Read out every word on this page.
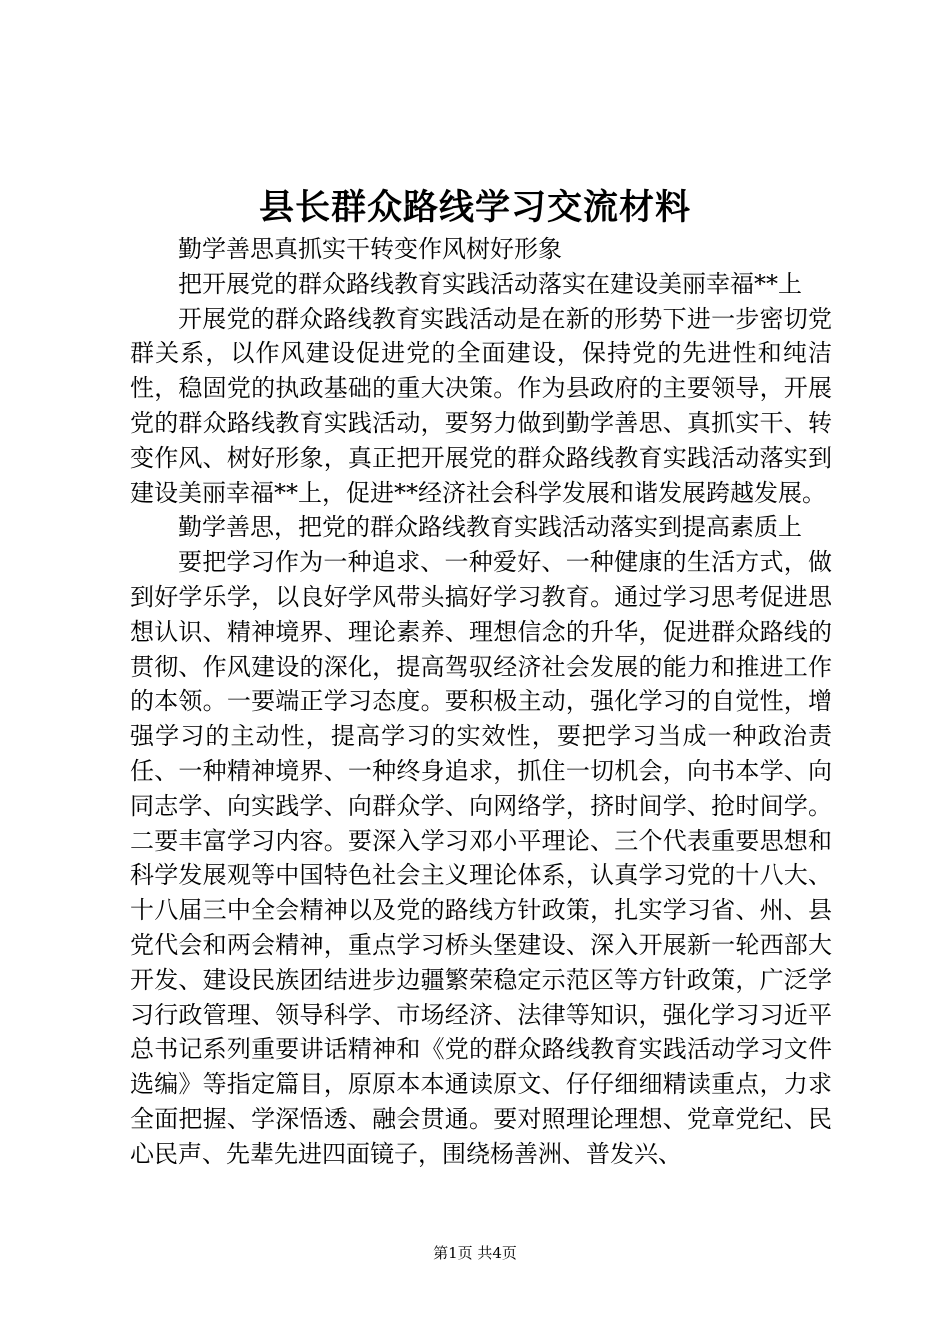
县长群众路线学习交流材料

勤学善思真抓实干转变作风树好形象

把开展党的群众路线教育实践活动落实在建设美丽幸福**上

开展党的群众路线教育实践活动是在新的形势下进一步密切党群关系，以作风建设促进党的全面建设，保持党的先进性和纯洁性，稳固党的执政基础的重大决策。作为县政府的主要领导，开展党的群众路线教育实践活动，要努力做到勤学善思、真抓实干、转变作风、树好形象，真正把开展党的群众路线教育实践活动落实到建设美丽幸福**上，促进**经济社会科学发展和谐发展跨越发展。

勤学善思，把党的群众路线教育实践活动落实到提高素质上

要把学习作为一种追求、一种爱好、一种健康的生活方式，做到好学乐学，以良好学风带头搞好学习教育。通过学习思考促进思想认识、精神境界、理论素养、理想信念的升华，促进群众路线的贯彻、作风建设的深化，提高驾驭经济社会发展的能力和推进工作的本领。一要端正学习态度。要积极主动，强化学习的自觉性，增强学习的主动性，提高学习的实效性，要把学习当成一种政治责任、一种精神境界、一种终身追求，抓住一切机会，向书本学、向同志学、向实践学、向群众学、向网络学，挤时间学、抢时间学。二要丰富学习内容。要深入学习邓小平理论、三个代表重要思想和科学发展观等中国特色社会主义理论体系，认真学习党的十八大、十八届三中全会精神以及党的路线方针政策，扎实学习省、州、县党代会和两会精神，重点学习桥头堡建设、深入开展新一轮西部大开发、建设民族团结进步边疆繁荣稳定示范区等方针政策，广泛学习行政管理、领导科学、市场经济、法律等知识，强化学习习近平总书记系列重要讲话精神和《党的群众路线教育实践活动学习文件选编》等指定篇目，原原本本通读原文、仔仔细细精读重点，力求全面把握、学深悟透、融会贯通。要对照理论理想、党章党纪、民心民声、先辈先进四面镜子，围绕杨善洲、普发兴、

第1页 共4页
